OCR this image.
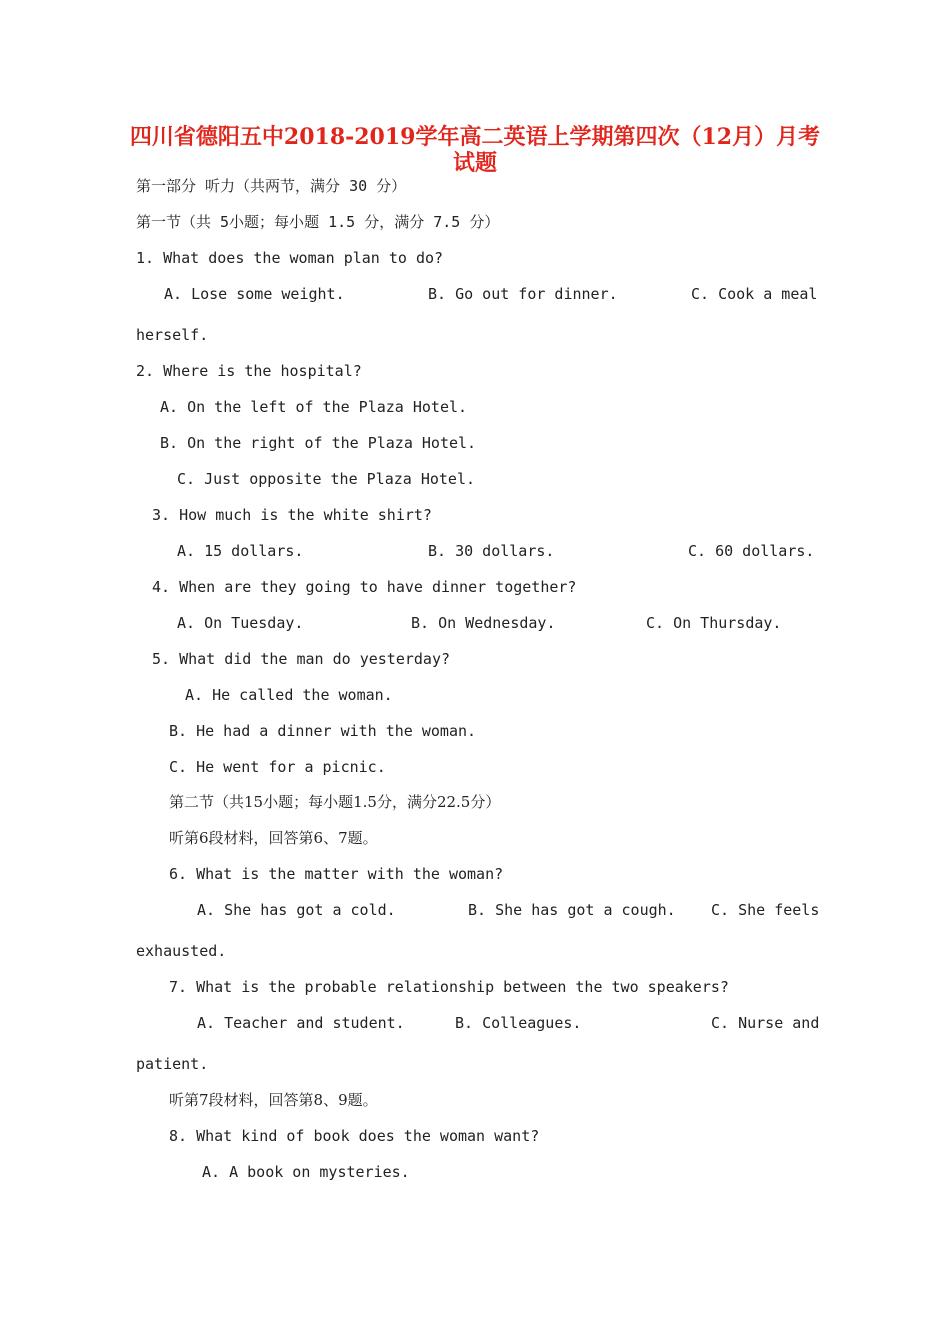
四川省德阳五中2018-2019学年高二英语上学期第四次（12月）月考
试题
第一部分 听力（共两节，满分 30 分）
第一节（共 5小题；每小题 1.5 分，满分 7.5 分）
1. What does the woman plan to do?
A. Lose some weight.	B. Go out for dinner.	C. Cook a meal
herself.
2. Where is the hospital?
A. On the left of the Plaza Hotel.
B. On the right of the Plaza Hotel.
C. Just opposite the Plaza Hotel.
3. How much is the white shirt?
A. 15 dollars.	B. 30 dollars.	C. 60 dollars.
4. When are they going to have dinner together?
A. On Tuesday.	B. On Wednesday.	C. On Thursday.
5. What did the man do yesterday?
A. He called the woman.
B. He had a dinner with the woman.
C. He went for a picnic.
第二节（共15小题；每小题1.5分，满分22.5分）
听第6段材料，回答第6、7题。
6. What is the matter with the woman?
A. She has got a cold.	B. She has got a cough. C. She feels
exhausted.
7. What is the probable relationship between the two speakers?
A. Teacher and student.	B. Colleagues.	C. Nurse and
patient.
听第7段材料，回答第8、9题。
8. What kind of book does the woman want?
A. A book on mysteries.
